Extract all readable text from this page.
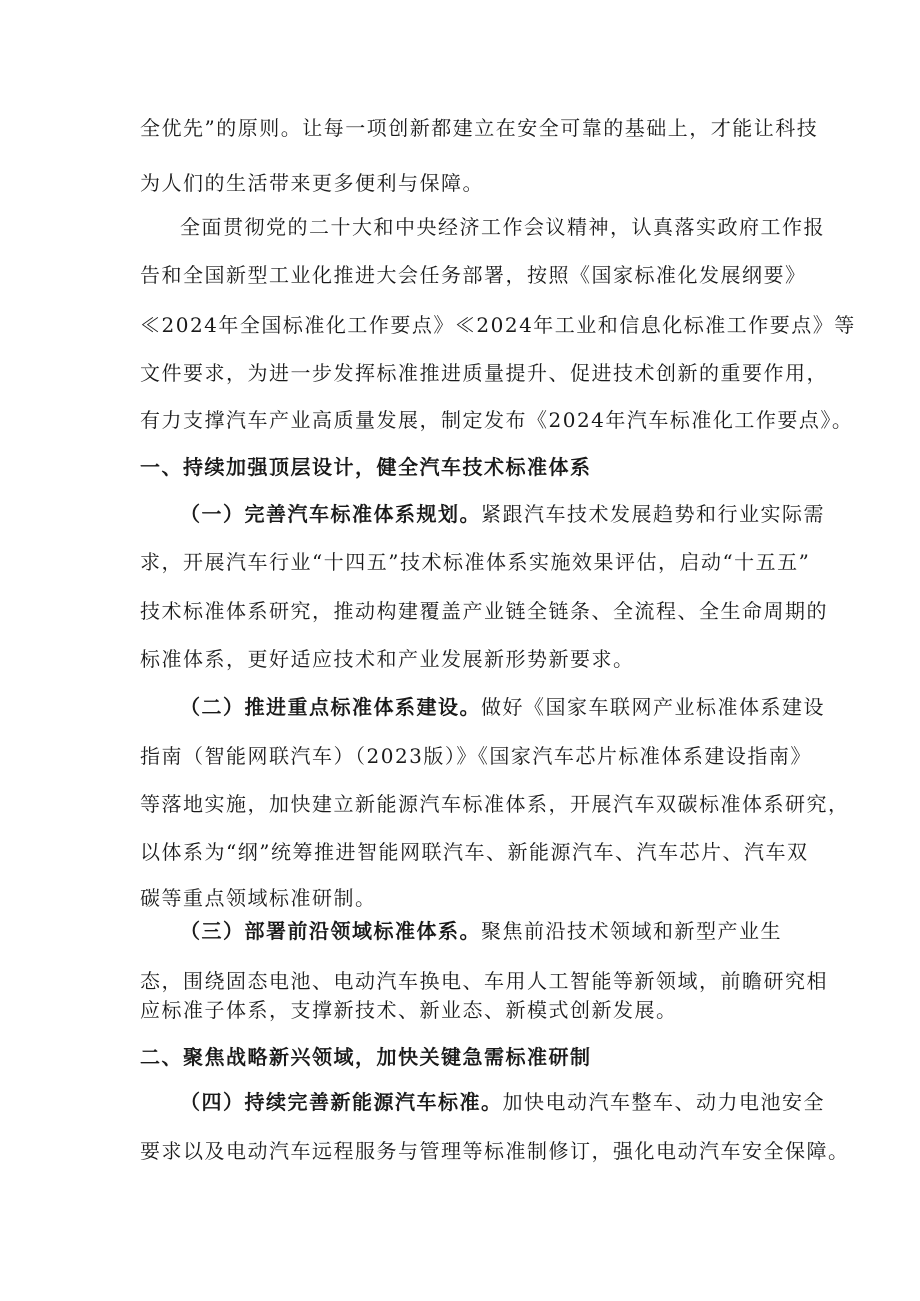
全优先”的原则。让每一项创新都建立在安全可靠的基础上，才能让科技
为人们的生活带来更多便利与保障。
全面贯彻党的二十大和中央经济工作会议精神，认真落实政府工作报
告和全国新型工业化推进大会任务部署，按照《国家标准化发展纲要》
≪2024年全国标准化工作要点》≪2024年工业和信息化标准工作要点》等
文件要求，为进一步发挥标准推进质量提升、促进技术创新的重要作用，
有力支撑汽车产业高质量发展，制定发布《2024年汽车标准化工作要点》。
一、持续加强顶层设计，健全汽车技术标准体系
（一）完善汽车标准体系规划。紧跟汽车技术发展趋势和行业实际需
求，开展汽车行业“十四五”技术标准体系实施效果评估，启动“十五五”
技术标准体系研究，推动构建覆盖产业链全链条、全流程、全生命周期的
标准体系，更好适应技术和产业发展新形势新要求。
（二）推进重点标准体系建设。做好《国家车联网产业标准体系建设
指南（智能网联汽车）（2023版）》《国家汽车芯片标准体系建设指南》
等落地实施，加快建立新能源汽车标准体系，开展汽车双碳标准体系研究，
以体系为“纲”统筹推进智能网联汽车、新能源汽车、汽车芯片、汽车双
碳等重点领域标准研制。
（三）部署前沿领域标准体系。聚焦前沿技术领域和新型产业生
态，围绕固态电池、电动汽车换电、车用人工智能等新领域，前瞻研究相
应标准子体系，支撑新技术、新业态、新模式创新发展。
二、聚焦战略新兴领域，加快关键急需标准研制
（四）持续完善新能源汽车标准。加快电动汽车整车、动力电池安全
要求以及电动汽车远程服务与管理等标准制修订，强化电动汽车安全保障。
